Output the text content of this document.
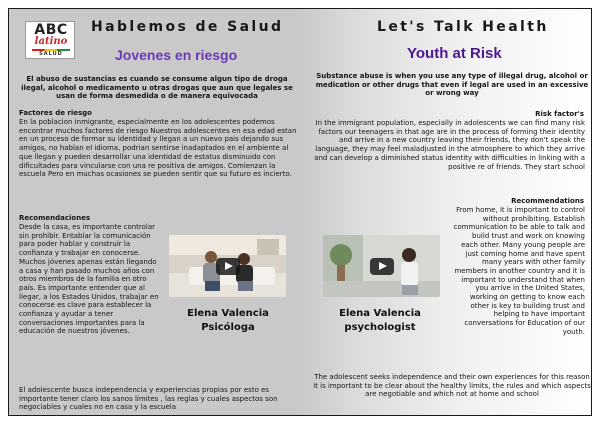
ABC
latino
SALUD
Hablemos de Salud
Jovenes en riesgo
El abuso de sustancias es cuando se consume algun tipo de droga ilegal, alcohol o medicamento u otras drogas que aun que legales se usan de forma desmedida o de manera equivocada
Factores de riesgo
En la poblacion inmigrante, especialmente en los adolescentes podemos encontrar muchos factores de riesgo Nuestros adolescentes en esa edad estan en un proceso de formar su identidad y llegan a un nuevo pais dejando sus amigos, no hablan el idioma, podrian sentirse inadaptados en el ambiente al que llegan y pueden desarrollar una identidad de estatus disminuido con dificultades para vincularse con una re positiva de amigos. Comienzan la escuela Pero en muchas ocasiones se pueden sentir que su futuro es incierto.
Recomendaciones
Desde la casa, es importante controlar sin prohibir. Entablar la comunicación para poder hablar y construir la confianza y trabajar en conocerse. Muchos jóvenes apenas están llegando a casa y han pasado muchos años con otros miembros de la familia en otro país. Es importante entender que al llegar, a los Estados Unidos, trabajar en conocerse es clave para establecer la confianza y ayudar a tener conversaciones importantes para la educación de nuestros jóvenes.
Elena Valencia
Psicóloga
El adolescente busca independencia y experiencias propias por esto es importante tener claro los sanos límites , las reglas y cuales aspectos son negociables y cuales no en casa y la escuela
Let's Talk Health
Youth at Risk
Substance abuse is when you use any type of illegal drug, alcohol or medication or other drugs that even if legal are used in an excessive or wrong way
Risk factor's
In the immigrant population, especially in adolescents we can find many risk factors our teenagers in that age are in the process of forming their identity and arrive in a new country leaving their friends, they don't speak the language, they may feel maladjusted in the atmosphere to which they arrive and can develop a diminished status identity with difficulties in linking with a positive re of friends. They start school
Recommendations
From home, it is important to control without prohibiting. Establish communication to be able to talk and build trust and work on knowing each other. Many young people are just coming home and have spent many years with other family members in another country and it is important to understand that when you arrive in the United States, working on getting to know each other is key to building trust and helping to have important conversations for Education of our youth.
Elena Valencia
psychologist
The adolescent seeks independence and their own experiences for this reason it is important to be clear about the healthy limits, the rules and which aspects are negotiable and which not at home and school
